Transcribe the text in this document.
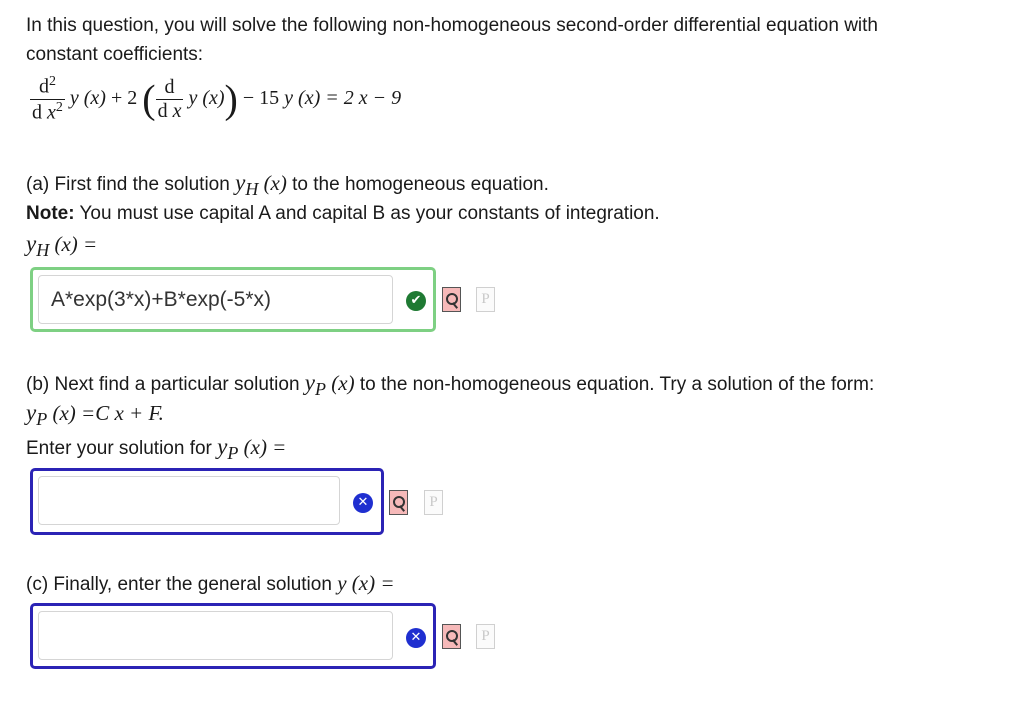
In this question, you will solve the following non-homogeneous second-order differential equation with
constant coefficients:
$\frac{d^2}{d x^2}$ y (x) + 2 ( $\frac{d}{\text{d x}}$ y (x)) − 15 y (x) = 2 x − 9
(a) First find the solution $y_H$ (x) to the homogeneous equation.
Note: You must use capital A and capital B as your constants of integration.
$y_H$ (x) =
A*exp(3*x)+B*exp(-5*x)
✔	P
(b) Next find a particular solution $y_P$ (x) to the non-homogeneous equation. Try a solution of the form:
$y_P$ (x) =C x + F.
Enter your solution for $y_P$ (x) =
✕	P
(c) Finally, enter the general solution y (x) =
✕	P
